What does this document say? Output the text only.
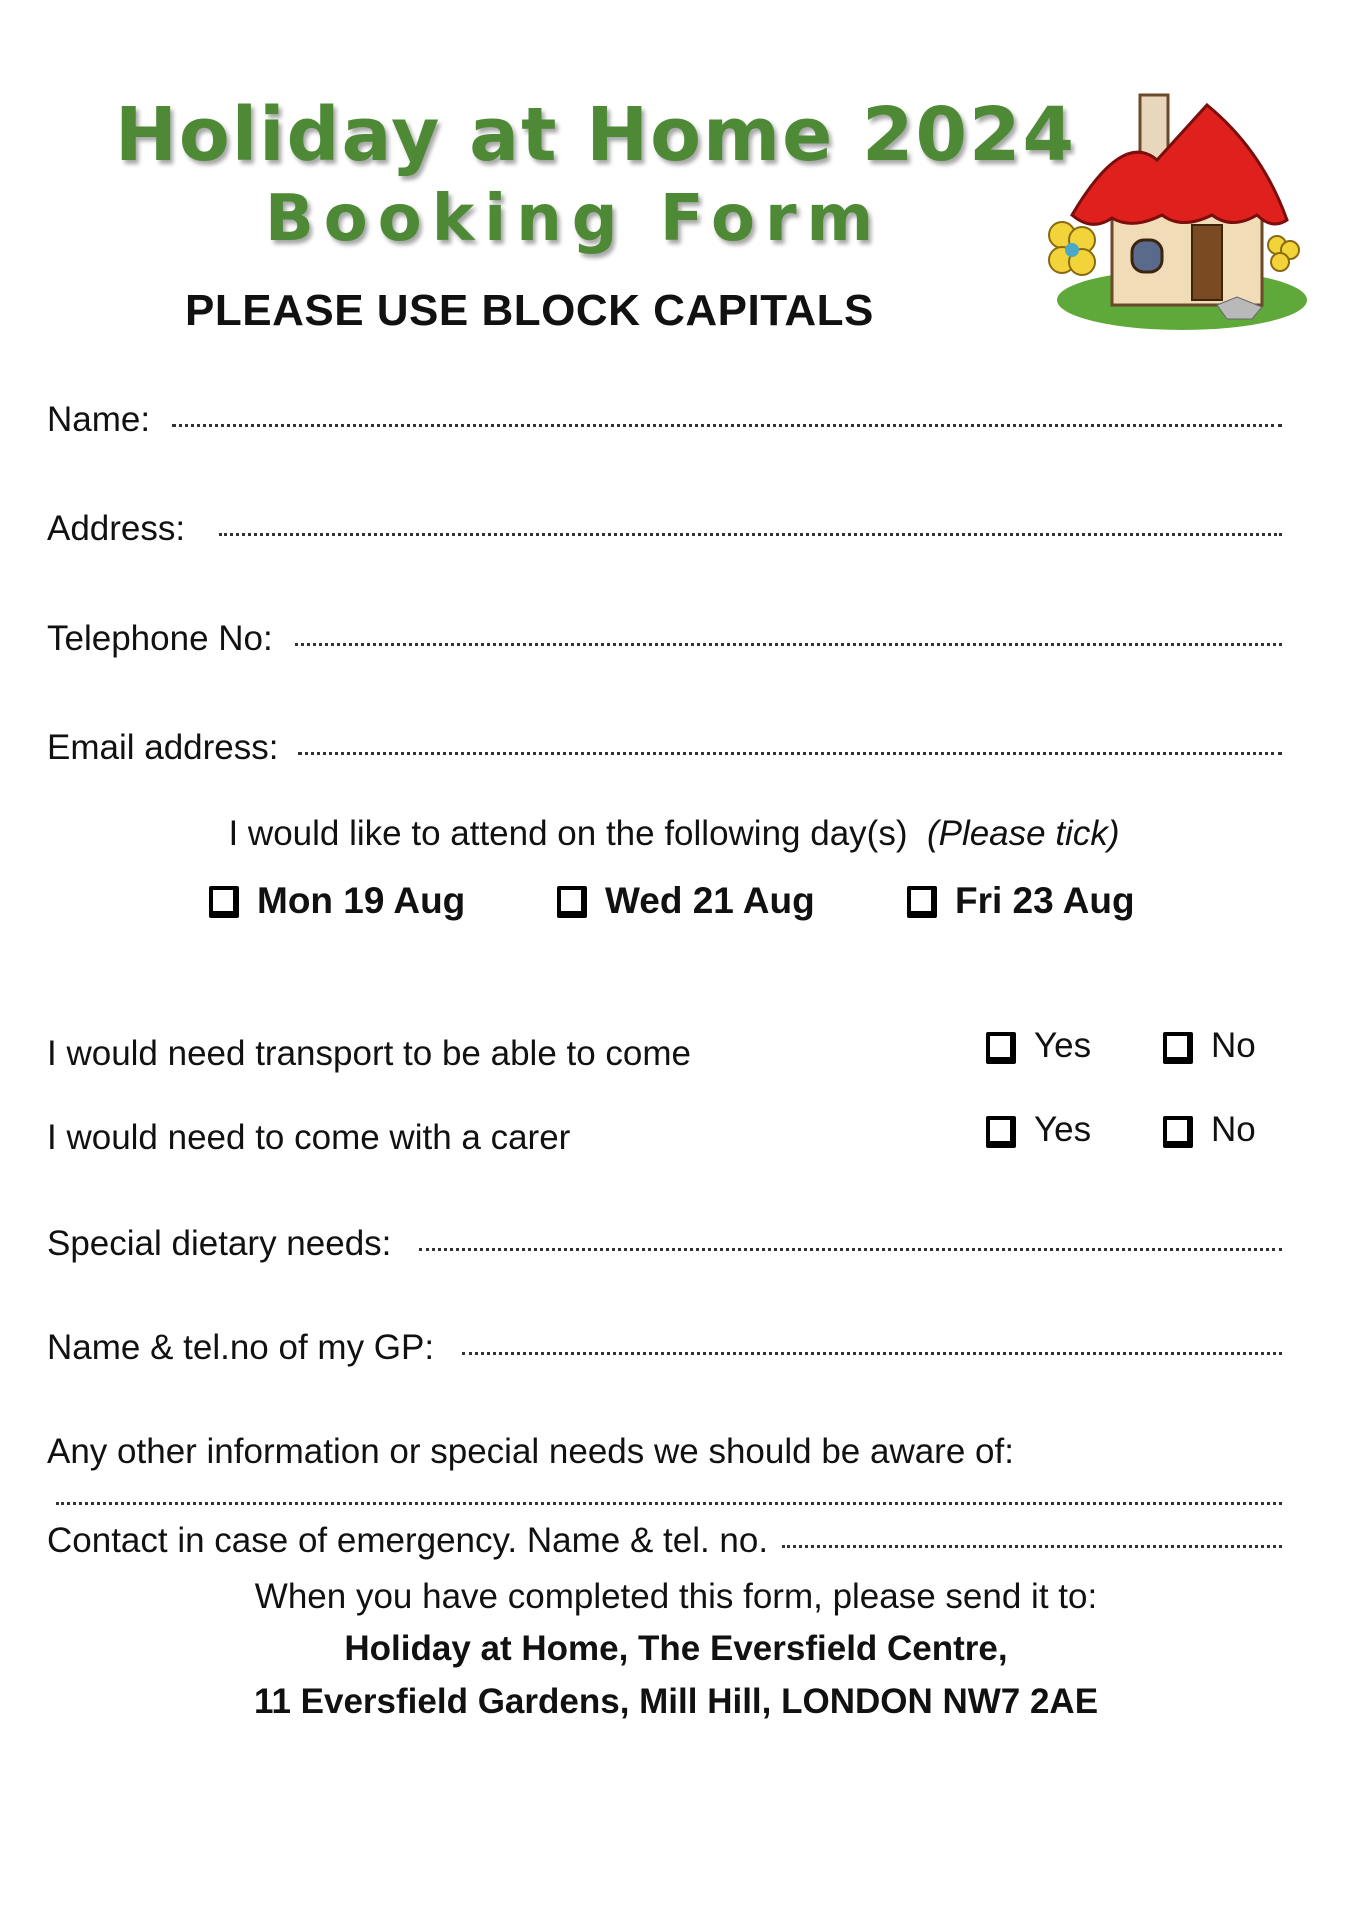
Holiday at Home 2024
Booking Form
PLEASE USE BLOCK CAPITALS
Name:
Address:
Telephone No:
Email address:
I would like to attend on the following day(s) (Please tick)
Mon 19 Aug	Wed 21 Aug	Fri 23 Aug
I would need transport to be able to come	Yes	No
I would need to come with a carer	Yes	No
Special dietary needs:
Name & tel.no of my GP:
Any other information or special needs we should be aware of:
Contact in case of emergency. Name & tel. no.
When you have completed this form, please send it to:
Holiday at Home, The Eversfield Centre,
11 Eversfield Gardens, Mill Hill, LONDON NW7 2AE
